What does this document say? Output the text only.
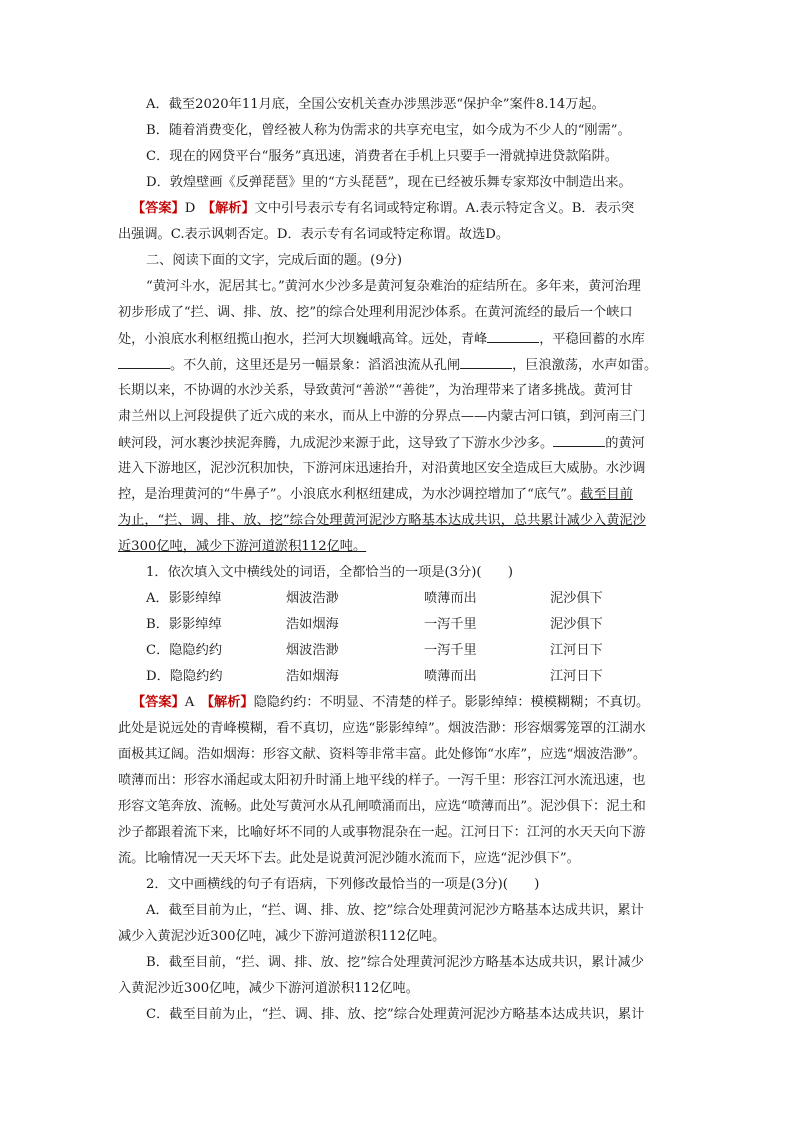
A．截至2020年11月底，全国公安机关查办涉黑涉恶“保护伞”案件8.14万起。
B．随着消费变化，曾经被人称为伪需求的共享充电宝，如今成为不少人的“刚需”。
C．现在的网贷平台“服务”真迅速，消费者在手机上只要手一滑就掉进贷款陷阱。
D．敦煌壁画《反弹琵琶》里的“方头琵琶”，现在已经被乐舞专家郑汝中制造出来。
【答案】D　 【解析】文中引号表示专有名词或特定称谓。A.表示特定含义。B．表示突
出强调。C.表示讽刺否定。D．表示专有名词或特定称谓。故选D。
二、阅读下面的文字，完成后面的题。(9分)
“黄河斗水，泥居其七。”黄河水少沙多是黄河复杂难治的症结所在。多年来，黄河治理
初步形成了“拦、调、排、放、挖”的综合处理利用泥沙体系。在黄河流经的最后一个峡口
处，小浪底水利枢纽揽山抱水，拦河大坝巍峨高耸。远处，青峰	，平稳回蓄的水库
。不久前，这里还是另一幅景象：滔滔浊流从孔闸	，巨浪激荡，水声如雷。
长期以来，不协调的水沙关系，导致黄河“善淤”“善徙”，为治理带来了诸多挑战。黄河甘
肃兰州以上河段提供了近六成的来水，而从上中游的分界点——内蒙古河口镇，到河南三门
峡河段，河水裹沙挟泥奔腾，九成泥沙来源于此，这导致了下游水少沙多。	的黄河
进入下游地区，泥沙沉积加快，下游河床迅速抬升，对沿黄地区安全造成巨大威胁。水沙调
控，是治理黄河的“牛鼻子”。小浪底水利枢纽建成，为水沙调控增加了“底气”。截至目前
为止，“拦、调、排、放、挖”综合处理黄河泥沙方略基本达成共识，总共累计减少入黄泥沙
近300亿吨，减少下游河道淤积112亿吨。
1．依次填入文中横线处的词语，全都恰当的一项是(3分)(　　)
A．影影绰绰	烟波浩渺	喷薄而出	泥沙俱下
B．影影绰绰	浩如烟海	一泻千里	泥沙俱下
C．隐隐约约	烟波浩渺	一泻千里	江河日下
D．隐隐约约	浩如烟海	喷薄而出	江河日下
【答案】A　 【解析】隐隐约约：不明显、不清楚的样子。影影绰绰：模模糊糊；不真切。
此处是说远处的青峰模糊，看不真切，应选“影影绰绰”。烟波浩渺：形容烟雾笼罩的江湖水
面极其辽阔。浩如烟海：形容文献、资料等非常丰富。此处修饰“水库”，应选“烟波浩渺”。
喷薄而出：形容水涌起或太阳初升时涌上地平线的样子。一泻千里：形容江河水流迅速，也
形容文笔奔放、流畅。此处写黄河水从孔闸喷涌而出，应选“喷薄而出”。泥沙俱下：泥土和
沙子都跟着流下来，比喻好坏不同的人或事物混杂在一起。江河日下：江河的水天天向下游
流。比喻情况一天天坏下去。此处是说黄河泥沙随水流而下，应选“泥沙俱下”。
2．文中画横线的句子有语病，下列修改最恰当的一项是(3分)(　　)
A．截至目前为止，“拦、调、排、放、挖”综合处理黄河泥沙方略基本达成共识，累计
减少入黄泥沙近300亿吨，减少下游河道淤积112亿吨。
B．截至目前，“拦、调、排、放、挖”综合处理黄河泥沙方略基本达成共识，累计减少
入黄泥沙近300亿吨，减少下游河道淤积112亿吨。
C．截至目前为止，“拦、调、排、放、挖”综合处理黄河泥沙方略基本达成共识，累计
